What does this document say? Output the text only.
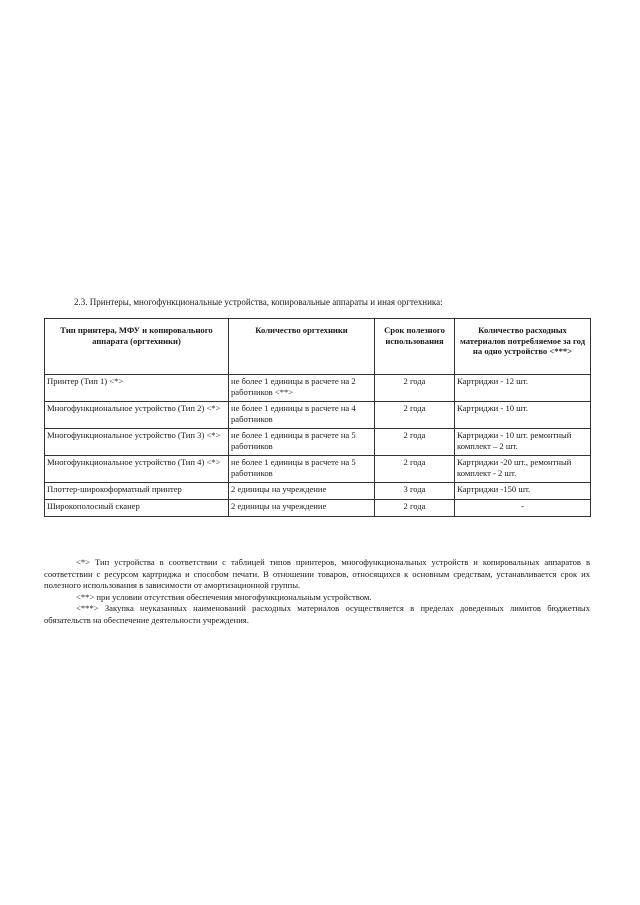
2.3. Принтеры, многофункциональные устройства, копировальные аппараты и иная оргтехника:
Тип принтера, МФУ и копировального аппарата (оргтехники)	Количество оргтехники	Срок полезного использования	Количество расходных материалов потребляемое за год на одно устройство <***>
Принтер (Тип 1) <*>	не более 1 единицы в расчете на 2 работников <**>	2 года	Картриджи - 12 шт.
Многофункциональное устройство (Тип 2) <*>	не более 1 единицы в расчете на 4 работников	2 года	Картриджи - 10 шт.
Многофункциональное устройство (Тип 3) <*>	не более 1 единицы в расчете на 5 работников	2 года	Картриджи - 10 шт. ремонтный комплект – 2 шт.
Многофункциональное устройство (Тип 4) <*>	не более 1 единицы в расчете на 5 работников	2 года	Картриджи -20 шт., ремонтный комплект - 2 шт.
Плоттер-широкоформатный принтер	2 единицы на учреждение	3 года	Картриджи -150 шт.
Широкополосный сканер	2 единицы на учреждение	2 года	-

<*> Тип устройства в соответствии с таблицей типов принтеров, многофункциональных устройств и копировальных аппаратов в соответствии с ресурсом картриджа и способом печати. В отношении товаров, относящихся к основным средствам, устанавливается срок их полезного использования в зависимости от амортизационной группы.

<**> при условии отсутствия обеспечения многофункциональным устройством.

<***> Закупка неуказанных наименований расходных материалов осуществляется в пределах доведенных лимитов бюджетных обязательств на обеспечение деятельности учреждения.
